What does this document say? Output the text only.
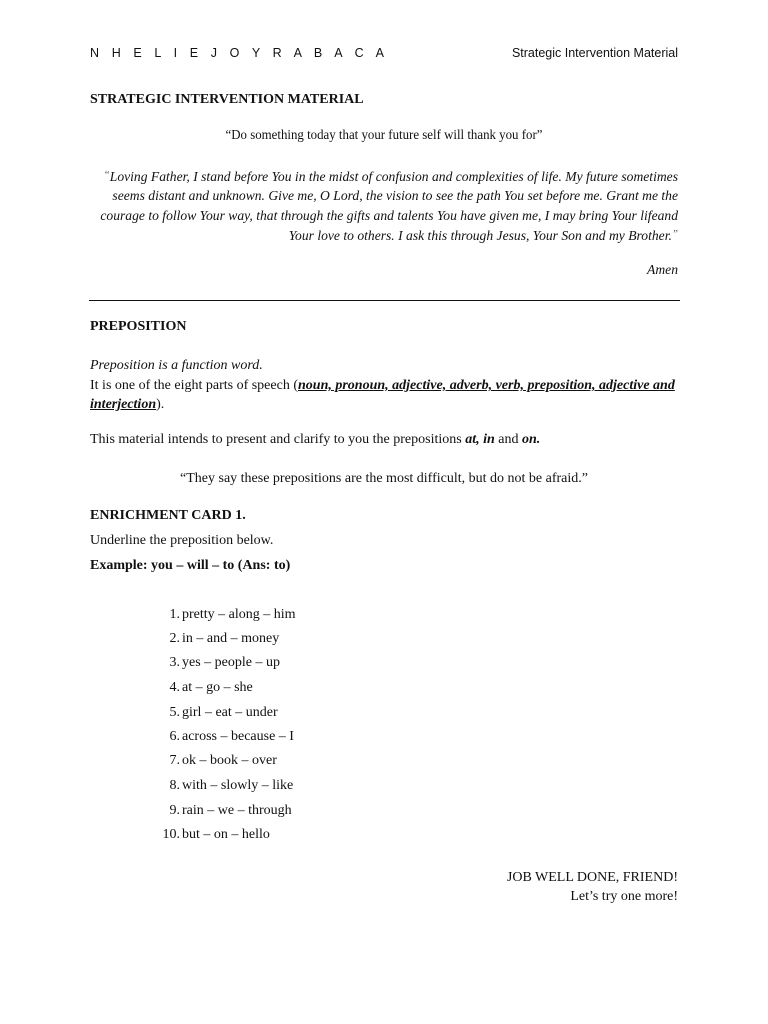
N H E L I E J O Y R A B A C A	Strategic Intervention Material
STRATEGIC INTERVENTION MATERIAL
“Do something today that your future self will thank you for”
“Loving Father, I stand before You in the midst of confusion and complexities of life. My future sometimes seems distant and unknown. Give me, O Lord, the vision to see the path You set before me. Grant me the courage to follow Your way, that through the gifts and talents You have given me, I may bring Your lifeand Your love to others. I ask this through Jesus, Your Son and my Brother.”
Amen
PREPOSITION
Preposition is a function word.
It is one of the eight parts of speech (noun, pronoun, adjective, adverb, verb, preposition, adjective and interjection).
This material intends to present and clarify to you the prepositions at, in and on.
“They say these prepositions are the most difficult, but do not be afraid.”
ENRICHMENT CARD 1.
Underline the preposition below.
Example: you – will – to (Ans: to)
1. pretty – along – him
2. in – and – money
3. yes – people – up
4. at – go – she
5. girl – eat – under
6. across – because – I
7. ok – book – over
8. with – slowly – like
9. rain – we – through
10. but – on – hello
JOB WELL DONE, FRIEND!
Let’s try one more!
